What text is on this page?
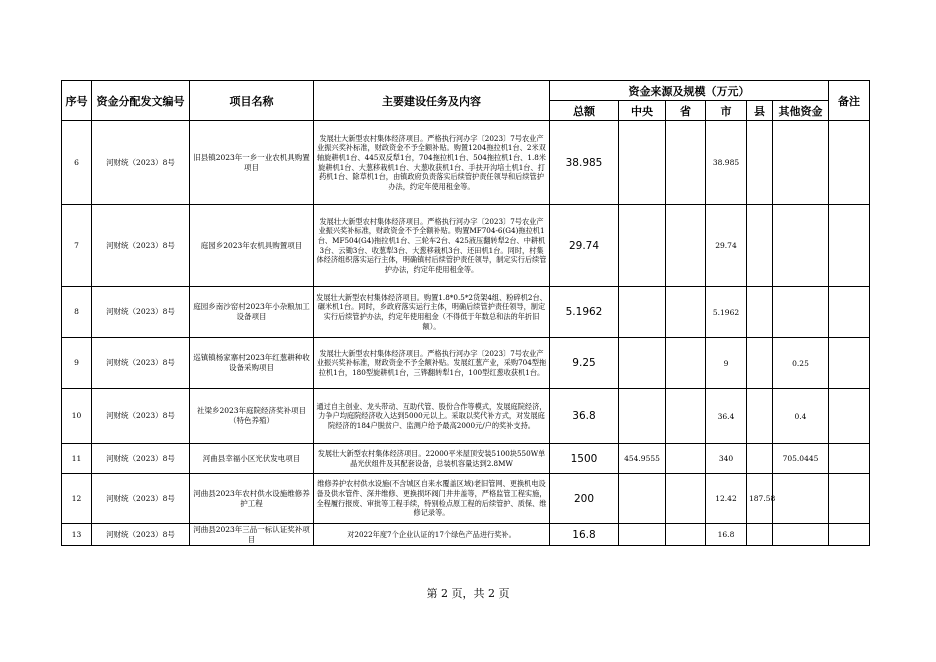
序号	资金分配发文编号	项目名称	主要建设任务及内容	资金来源及规模（万元）						备注
				总额	中央	省	市	县	其他资金	
6	河财统（2023）8号	旧县镇2023年一乡一业农机具购置项目	发展壮大新型农村集体经济项目。严格执行河办字〔2023〕7号农业产业振兴奖补标准，财政资金不予全额补贴。购置1204拖拉机1台、2米双轴旋耕机1台、445双反犁1台，704拖拉机1台、504拖拉机1台、1.8米旋耕机1台、大葱移栽机1台、大葱收获机1台、手扶开沟培土机1台、打药机1台、除草机1台，由镇政府负责落实后续管护责任领导和后续管护办法，约定年使用租金等。	38.985			38.985			
7	河财统（2023）8号	庭园乡2023年农机具购置项目	发展壮大新型农村集体经济项目。严格执行河办字〔2023〕7号农业产业振兴奖补标准，财政资金不予全额补贴。购置MF704-6(G4)拖拉机1台、MF504(G4)拖拉机1台、三轮车2台、425液压翻转犁2台、中耕机3台、云锄3台、收葱犁3台、大葱移栽机3台、还田机1台。同时，村集体经济组织落实运行主体，明确镇村后续管护责任领导，制定实行后续管护办法，约定年使用租金等。	29.74			29.74			
8	河财统（2023）8号	庭园乡南沙窑村2023年小杂粮加工设备项目	发展壮大新型农村集体经济项目。购置1.8*0.5*2货架4组、粉碎机2台、碾米机1台。同时，乡政府落实运行主体，明确后续管护责任领导，制定实行后续管护办法，约定年使用租金（不得低于年数总和法的年折旧额）。	5.1962			5.1962			
9	河财统（2023）8号	巡镇镇杨家寨村2023年红葱耕种收设备采购项目	发展壮大新型农村集体经济项目。严格执行河办字〔2023〕7号农业产业振兴奖补标准，财政资金不予全额补贴。发展红葱产业，采购704型拖拉机1台，180型旋耕机1台，三铧翻转犁1台，100型红葱收获机1台。	9.25			9		0.25	
10	河财统（2023）8号	社梁乡2023年庭院经济奖补项目（特色养殖）	通过自主创业、龙头带动、互助代管、股份合作等模式，发展庭院经济，力争户均庭院经济收入达到5000元以上。采取以奖代补方式，对发展庭院经济的184户脱贫户、监测户给予最高2000元/户的奖补支持。	36.8			36.4		0.4	
11	河财统（2023）8号	河曲县幸福小区光伏发电项目	发展壮大新型农村集体经济项目。22000平米屋顶安装5100块550W单晶光伏组件及其配套设备，总装机容量达到2.8MW	1500	454.9555		340		705.0445	
12	河财统（2023）8号	河曲县2023年农村供水设施维修养护工程	维修养护农村供水设施(不含城区自来水覆盖区域)老旧管网、更换机电设备及供水管件、深井维修、更换损坏阀门井井盖等，严格监管工程实施，全程履行报废、审批等工程手续，特别检点原工程的后续管护、质保、维修记录等。	200			12.42	187.58		
13	河财统（2023）8号	河曲县2023年三品一标认证奖补项目	对2022年度7个企业认证的17个绿色产品进行奖补。	16.8			16.8			
第 2 页，共 2 页
